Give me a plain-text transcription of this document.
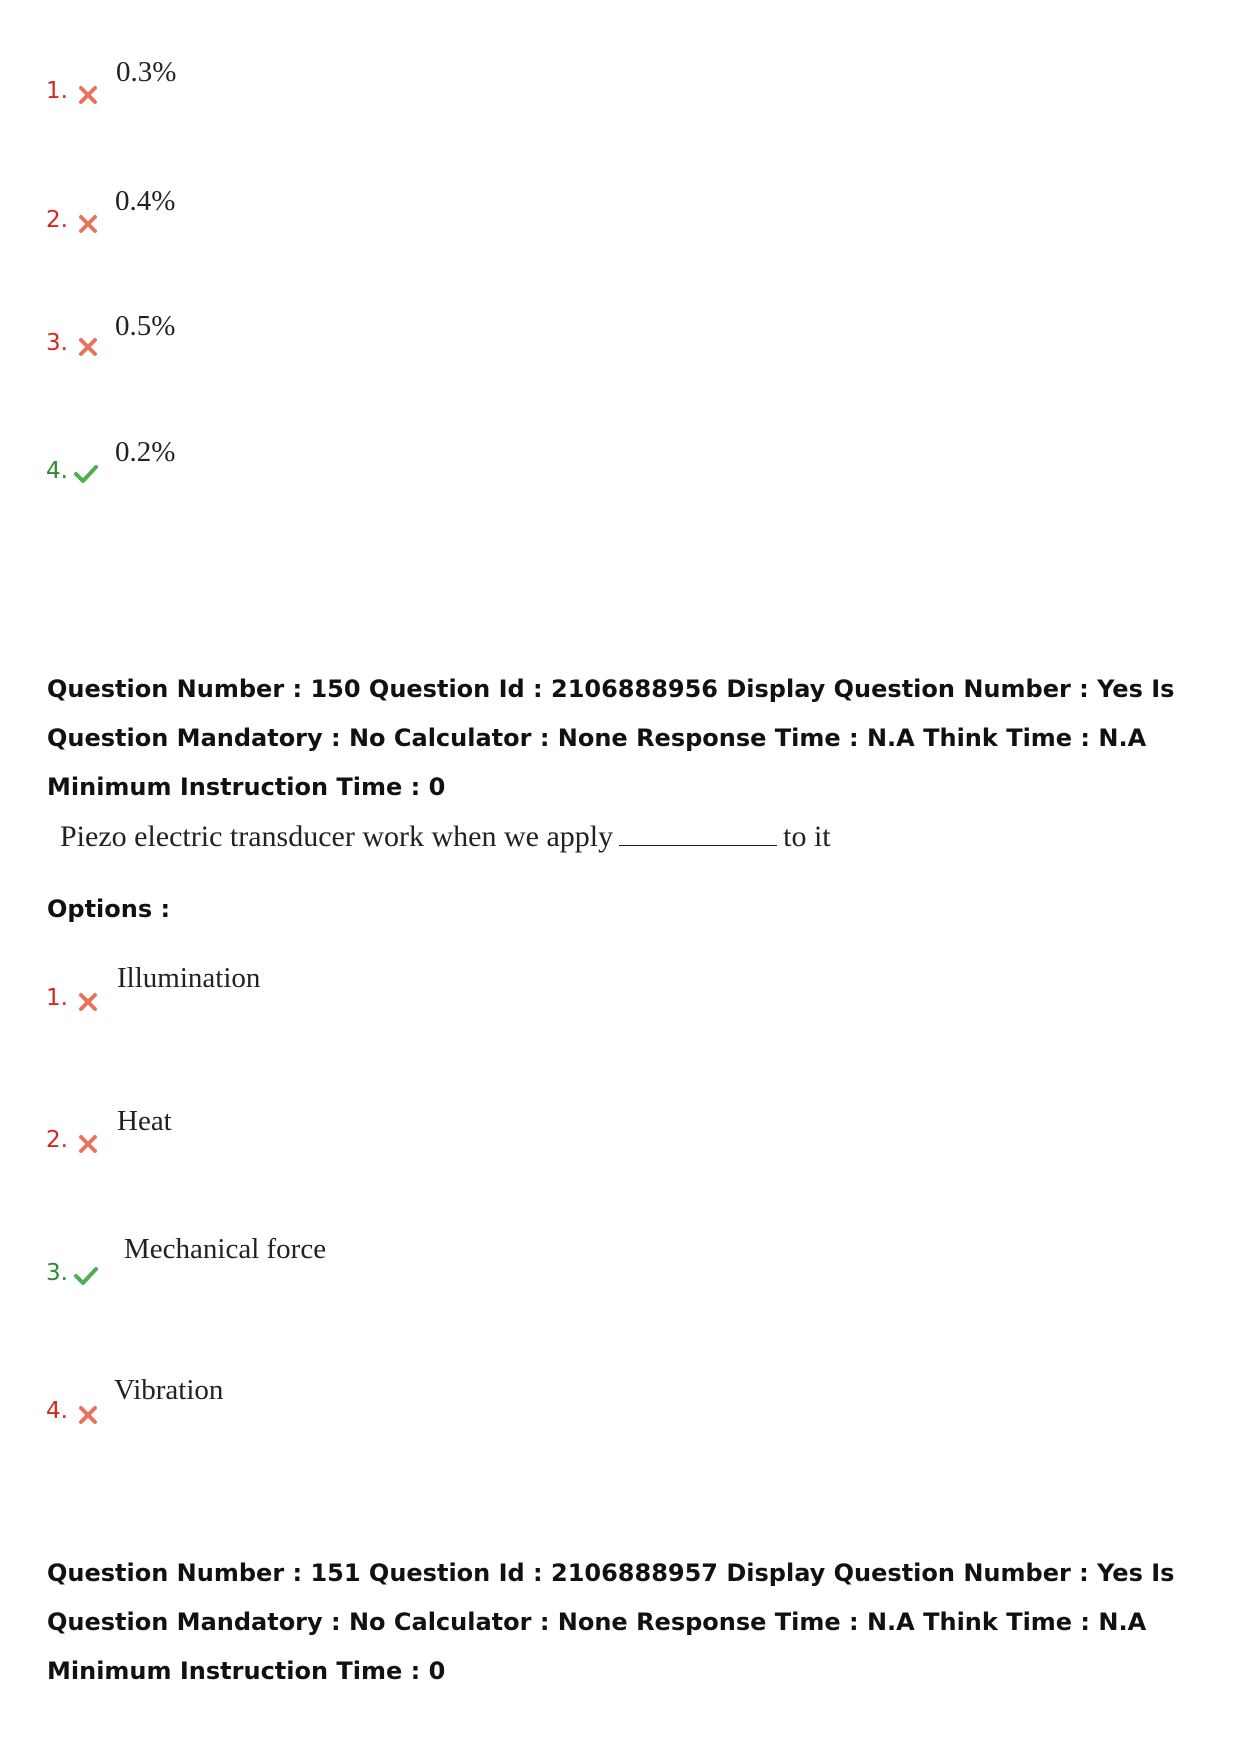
1.
0.3%
2.
0.4%
3.
0.5%
4.
0.2%
Question Number : 150 Question Id : 2106888956 Display Question Number : Yes Is Question Mandatory : No Calculator : None Response Time : N.A Think Time : N.A Minimum Instruction Time : 0
Piezo electric transducer work when we apply	to it
Options :
1.
Illumination
2.
Heat
3.
Mechanical force
4.
Vibration
Question Number : 151 Question Id : 2106888957 Display Question Number : Yes Is Question Mandatory : No Calculator : None Response Time : N.A Think Time : N.A Minimum Instruction Time : 0
